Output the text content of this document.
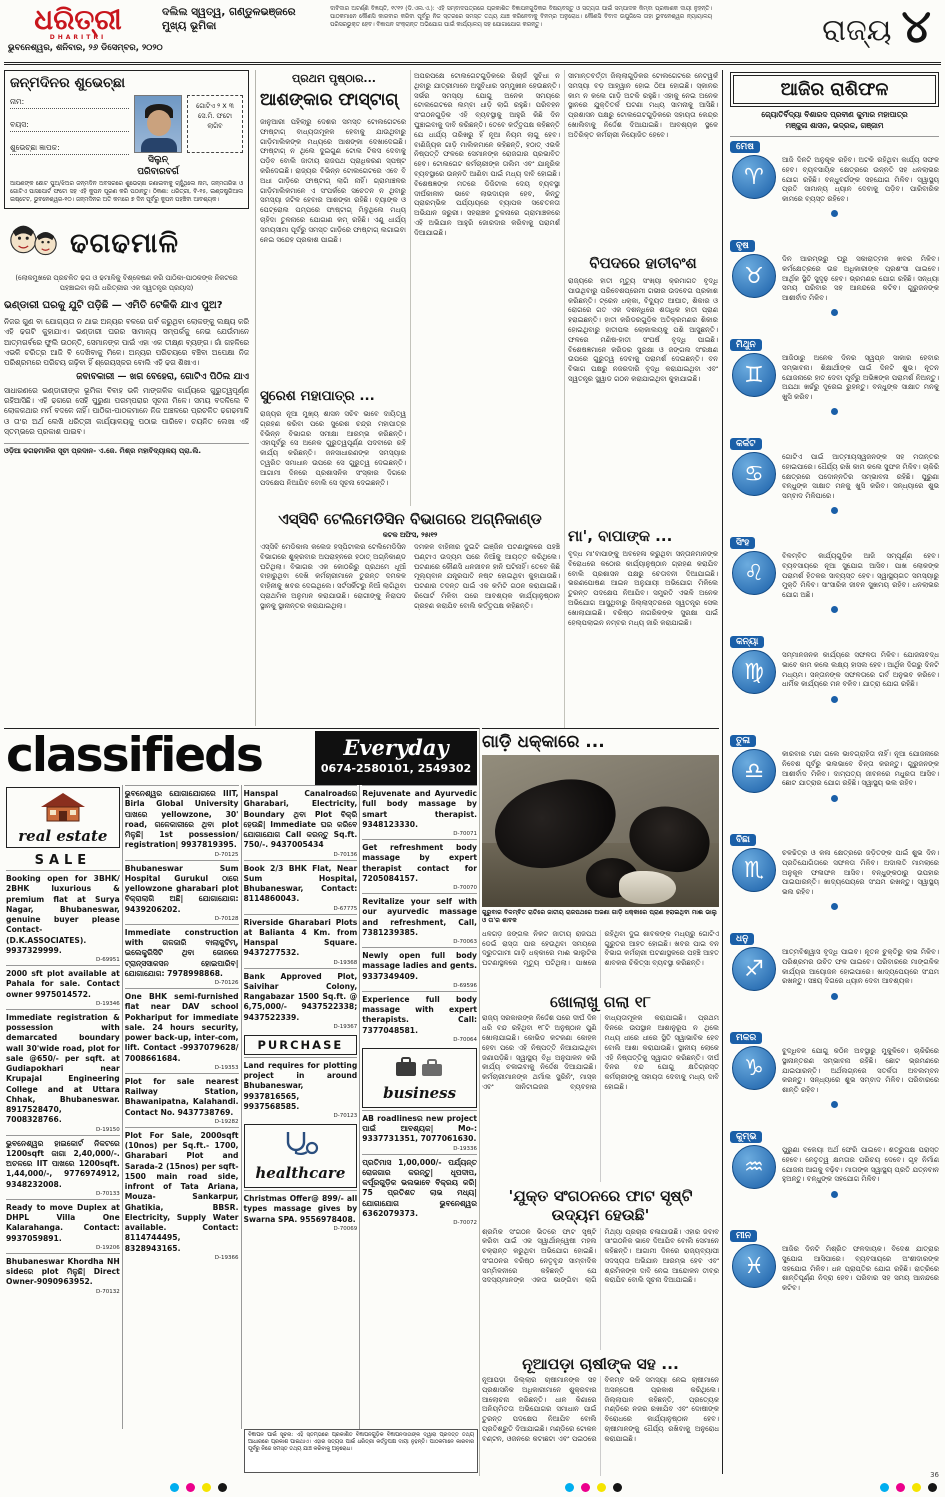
ଧରିତ୍ରୀ
DHARITRI
ଭୁବନେଶ୍ୱର, ଶନିବାର, ୨୬ ଡିସେମ୍ବର, ୨୦୨୦
ଦଲିଲ ସ୍ୱତ୍ୱ, ଗଣ୍ଡୁଳଭଞ୍ଜରେ ମୁଖ୍ୟ ଭୂମିକା
ଦାବିଦାର ଅଟର୍ଣ୍ଣି ବିଜ୍ଞପ୍ତି, ୧୯୧୨ (ଡି.ଏଲ.ଏ.): ଏହି ସମ୍ବାଦପତ୍ରରେ ପ୍ରକାଶିତ ବିଜ୍ଞାପନଗୁଡ଼ିକର ବିଷୟବସ୍ତୁ ଓ ସତ୍ୟତା ପାଇଁ ସମ୍ପାଦକ କିମ୍ବା ପ୍ରକାଶକ ଦାୟୀ ନୁହନ୍ତି। ପାଠକମାନେ କୌଣସି କାରବାର କରିବା ପୂର୍ବରୁ ନିଜ ସ୍ତରରେ ସମସ୍ତ ତଥ୍ୟ ଯାଞ୍ଚ କରିନେବାକୁ ବିନମ୍ର ଅନୁରୋଧ। କୌଣସି ବିବାଦ ଉପୁଜିଲେ ତାହା ଭୁବନେଶ୍ୱର ନ୍ୟାୟାଳୟ ପରିସରଭୁକ୍ତ ହେବ। ବିଜ୍ଞାପନ ସଂକ୍ରାନ୍ତ ଅଭିଯୋଗ ପାଇଁ କାର୍ଯ୍ୟାଳୟ ସହ ଯୋଗାଯୋଗ କରନ୍ତୁ।	ରାଜ୍ୟ ୪
ଜନ୍ମଦିନର ଶୁଭେଚ୍ଛା
ନାମ:
ବୟସ:
ଶୁଭେଚ୍ଛା ଜ୍ଞାପକ:
ସିଲୁନ୍
ପରିବାରବର୍ଗ
ଗୋଟିଏ ୨ X ୩ ସେ.ମି. ଫଟୋ ଲାଗିବ
ଆପଣଙ୍କ ଛୋଟ ପୁଅ/ଝିଅର ଜନ୍ମଦିନ ଅବସରରେ ଶୁଭେଚ୍ଛା ଜଣାଇବାକୁ ଚାହୁଁଥିଲେ ନାମ, ଜନ୍ମତାରିଖ ଓ ଗୋଟିଏ ପାସପୋର୍ଟ ଫଟୋ ସହ ଏହି କୁପନ ପୂରଣ କରି ପଠାନ୍ତୁ। ଠିକଣା: ଧରିତ୍ରୀ, ବି-୧୫, ଇଣ୍ଡଷ୍ଟ୍ରିଆଲ ଇଷ୍ଟେଟ, ଭୁବନେଶ୍ୱର-୧୦। ଜନ୍ମଦିନର ଅତି କମରେ ୭ ଦିନ ପୂର୍ବରୁ କୁପନ ପହଞ୍ଚିବା ଆବଶ୍ୟକ।
ଢଗଢମାଳି
(ଲୋକମୁଖରେ ପ୍ରଚଳିତ ଢଗ ଓ ଢମାଳିକୁ ବିଶ୍ଳେଷଣ କରି ପାଠିକା-ପାଠକଙ୍କ ନିକଟରେ ପହଞ୍ଚାଇବା ଲାଗି ଧରିତ୍ରୀର ଏକ ସ୍ୱତନ୍ତ୍ର ପ୍ରୟାସ)
ଭଣ୍ଡାରୀ ଘରକୁ ଯୁଟି ପଡ଼ିଛି — ଏମିତି ଟେକିକି ଯାଏ ପୁଅ?
ନିଜର ଗୁଣ ବା ଯୋଗ୍ୟତା ନ ଥାଇ ଅନ୍ୟର ବଳରେ ଗର୍ବ କରୁଥିବା ଲୋକଙ୍କୁ ଲକ୍ଷ୍ୟ କରି ଏହି ଢଗଟି କୁହାଯାଏ। ଭଣ୍ଡାରୀ ଘରର ସାମାନ୍ୟ ସମ୍ପର୍କକୁ ନେଇ ଯେଉଁମାନେ ଆତ୍ମଗର୍ବରେ ଫୁଲି ଉଠନ୍ତି, ସେମାନଙ୍କ ପାଇଁ ଏହା ଏକ ତୀକ୍ଷ୍ଣ ବ୍ୟଙ୍ଗ। ଗାଁ ଗହଳିରେ ଏଭଳି ଚରିତ୍ର ଆଜି ବି ଦେଖିବାକୁ ମିଳେ। ଅନ୍ୟର ପରିଚୟରେ ବଞ୍ଚିବା ଅପେକ୍ଷା ନିଜ ପରିଶ୍ରମରେ ପରିଚୟ ଗଢ଼ିବା ହିଁ ଶ୍ରେୟସ୍କର ବୋଲି ଏହି ଢଗ ଶିଖାଏ।
ଜବାବକାରୀ — ଖଗ ବେହେରା, ଗୋଟିଏ ପିଠିଲ ଯାଏ
ସାଧାରଣରେ ଭଣ୍ଡାରୀଙ୍କ ଭୂମିକା ବିବାହ ଭଳି ମାଙ୍ଗଳିକ କାର୍ଯ୍ୟରେ ଗୁରୁତ୍ୱପୂର୍ଣ୍ଣ ରହିଆସିଛି। ଏହି ଢଗରେ ସେହି ପୁରୁଣା ପରମ୍ପରାର ସୂଚନା ମିଳେ। ସମୟ ବଦଳିଲେ ବି ଲୋକକଥାର ମର୍ମ ବଦଳେ ନାହିଁ। ପାଠିକା-ପାଠକମାନେ ନିଜ ଅଞ୍ଚଳରେ ପ୍ରଚଳିତ ଢଗଢମାଳି ଓ ତା'ର ଅର୍ଥ ଲେଖି ଧରିତ୍ରୀ କାର୍ଯ୍ୟାଳୟକୁ ପଠାଇ ପାରିବେ। ଚୟନିତ ଲେଖା ଏହି ସ୍ତମ୍ଭରେ ପ୍ରକାଶ ପାଇବ।
ଓଡ଼ିଆ ଢଗଢମାଳିର ସୂଚୀ ପ୍ରଦାନ- ଏ.ଜେ. ମିଶ୍ର ମହାବିଦ୍ୟାଳୟ ପ୍ରା.ଲି.
ପ୍ରଥମ ପୃଷ୍ଠାର...
ଆଶଙ୍କାର ଫାସ୍ଟାଗ୍
ଜାନୁଆରୀ ପହିଲାରୁ ଦେଶର ସମସ୍ତ ଟୋଲଗେଟରେ ଫାଷ୍ଟାଗ୍ ବାଧ୍ୟତାମୂଳକ ହେବାକୁ ଯାଉଥିବାରୁ ଗାଡ଼ିମାଲିକଙ୍କ ମଧ୍ୟରେ ଆଶଙ୍କା ଦେଖାଦେଇଛି। ଫାଷ୍ଟାଗ୍ ନ ଥିଲେ ଦୁଇଗୁଣ ଟୋଲ ଟିକସ ଦେବାକୁ ପଡ଼ିବ ବୋଲି ଜାତୀୟ ରାଜପଥ ପ୍ରାଧିକରଣ ସ୍ପଷ୍ଟ କରିଦେଇଛି। ରାଜ୍ୟର ବିଭିନ୍ନ ଟୋଲଗେଟରେ ଏବେ ବି ଅଧା ଗାଡ଼ିରେ ଫାଷ୍ଟାଗ୍ ଲାଗି ନାହିଁ। ଗ୍ରାମାଞ୍ଚଳର ଗାଡ଼ିମାଲିକମାନେ ଏ ସଂପର୍କରେ ସଚେତନ ନ ଥିବାରୁ ସମସ୍ୟା ଜଟିଳ ହେବାର ଆଶଙ୍କା ରହିଛି। ବ୍ୟାଙ୍କ ଓ ପେଟ୍ରୋଲ ପମ୍ପରେ ଫାଷ୍ଟାଗ୍ ମିଳୁଥିଲେ ମଧ୍ୟ ଚାହିଦା ତୁଳନାରେ ଯୋଗାଣ କମ୍ ରହିଛି। ଏଣୁ ଧାର୍ଯ୍ୟ ସମୟସୀମା ପୂର୍ବରୁ ସମସ୍ତ ଗାଡ଼ିରେ ଫାଷ୍ଟାଗ୍ ଲଗାଇବା ନେଇ ସନ୍ଦେହ ପ୍ରକାଶ ପାଇଛି।
ଅପରପକ୍ଷେ ଟୋଲଗେଟଗୁଡ଼ିକରେ ରିଚାର୍ଜ ସୁବିଧା ନ ଥିବାରୁ ଯାତ୍ରୀମାନେ ଅସୁବିଧାର ସମ୍ମୁଖୀନ ହେଉଛନ୍ତି। ସର୍ଭର ସମସ୍ୟା ଯୋଗୁ ଅନେକ ସମୟରେ ଟୋଲଗେଟରେ ଲମ୍ବା ଧାଡ଼ି ଲାଗି ରହୁଛି। ପରିବହନ ସଂଗଠନଗୁଡ଼ିକ ଏହି ବ୍ୟବସ୍ଥାକୁ ଆହୁରି କିଛି ଦିନ ଘୁଞ୍ଚାଇବାକୁ ଦାବି କରିଛନ୍ତି। ତେବେ କର୍ତ୍ତୃପକ୍ଷ କହିଛନ୍ତି ଯେ ଧାର୍ଯ୍ୟ ତାରିଖରୁ ହିଁ ନୂଆ ନିୟମ ଲାଗୁ ହେବ। ବାଣିଜ୍ୟିକ ଗାଡ଼ି ମାଲିକମାନେ କହିଛନ୍ତି, ହଠାତ୍ ଏଭଳି ନିଷ୍ପତ୍ତି ଫଳରେ ସେମାନଙ୍କ ରୋଜଗାର ପ୍ରଭାବିତ ହେବ। ଟୋଲଗେଟ କର୍ମଚାରୀଙ୍କ ତାଲିମ ଏବଂ ଯାନ୍ତ୍ରିକ ବ୍ୟବସ୍ଥାରେ ଉନ୍ନତି ଆଣିବା ପାଇଁ ମଧ୍ୟ ଦାବି ହୋଇଛି। ବିଶେଷଜ୍ଞଙ୍କ ମତରେ ଡିଜିଟାଲ ଦେୟ ବ୍ୟବସ୍ଥା ଦୀର୍ଘକାଳୀନ ଭାବେ ଲାଭଦାୟକ ହେବ, କିନ୍ତୁ ପ୍ରାରମ୍ଭିକ ପର୍ଯ୍ୟାୟରେ ବ୍ୟାପକ ସଚେତନତା ଅଭିଯାନ ଜରୁରୀ। ସହରାଞ୍ଚଳ ତୁଳନାରେ ଗ୍ରାମାଞ୍ଚଳରେ ଏହି ଅଭିଯାନ ଆହୁରି ଜୋରଦାର କରିବାକୁ ପରାମର୍ଶ ଦିଆଯାଇଛି।
ସୀମାନ୍ତବର୍ତ୍ତୀ ଜିଲ୍ଲାଗୁଡ଼ିକର ଟୋଲଗେଟରେ ନେଟୱର୍କ ସମସ୍ୟା ବଡ଼ ଆହ୍ୱାନ ହୋଇ ଠିଆ ହୋଇଛି। ସ୍କାନର କାମ ନ କଲେ ଗାଡ଼ି ଅଟକି ରହୁଛି। ଏହାକୁ ନେଇ ଅନେକ ସ୍ଥାନରେ ଯୁକ୍ତିତର୍କ ଘଟଣା ମଧ୍ୟ ସାମନାକୁ ଆସିଛି। ପ୍ରଶାସନ ପକ୍ଷରୁ ଟୋଲଗେଟଗୁଡ଼ିକରେ ସହାୟତା କେନ୍ଦ୍ର ଖୋଲିବାକୁ ନିର୍ଦ୍ଦେଶ ଦିଆଯାଇଛି। ଆବଶ୍ୟକ ସ୍ଥଳେ ଅତିରିକ୍ତ କର୍ମଚାରୀ ନିୟୋଜିତ ହେବେ।
ସୁରେଶ ମହାପାତ୍ର ...
ରାଜ୍ୟର ନୂଆ ମୁଖ୍ୟ ଶାସନ ସଚିବ ଭାବେ ଦାୟିତ୍ୱ ଗ୍ରହଣ କରିବା ପରେ ସୁରେଶ ଚନ୍ଦ୍ର ମହାପାତ୍ର ବିଭିନ୍ନ ବିଭାଗର ସମୀକ୍ଷା ଆରମ୍ଭ କରିଛନ୍ତି। ଏହାପୂର୍ବରୁ ସେ ଅନେକ ଗୁରୁତ୍ୱପୂର୍ଣ୍ଣ ପଦବୀରେ ରହି କାର୍ଯ୍ୟ କରିଛନ୍ତି। ଜନସାଧାରଣଙ୍କ ସମସ୍ୟାର ତ୍ୱରିତ ସମାଧାନ ଉପରେ ସେ ଗୁରୁତ୍ୱ ଦେଇଛନ୍ତି। ଆଗାମୀ ଦିନରେ ପ୍ରଶାସନିକ ସଂସ୍କାର ଦିଗରେ ପଦକ୍ଷେପ ନିଆଯିବ ବୋଲି ସେ ସୂଚନା ଦେଇଛନ୍ତି।
ଏସ୍‌ସିବି ଟେଲିମେଡିସିନ ବିଭାଗରେ ଅଗ୍ନିକାଣ୍ଡ
କଟକ ଅଫିସ, ୨୫ା୧୨
ଏସ୍‌ସିବି ମେଡିକାଲ କଲେଜ ହସ୍ପିଟାଲର ଟେଲିମେଡିସିନ ବିଭାଗରେ ଶୁକ୍ରବାର ଅପରାହ୍ନରେ ହଠାତ୍ ଅଗ୍ନିକାଣ୍ଡ ଘଟିଥିଲା। ବିଭାଗର ଏକ କୋଠରିରୁ ପ୍ରଥମେ ଧୂଆଁ ବାହାରୁଥିବା ଦେଖି କର୍ମଚାରୀମାନେ ତୁରନ୍ତ ଦମକଳ ବାହିନୀକୁ ଖବର ଦେଇଥିଲେ। ସର୍ଟସର୍କିଟରୁ ନିଆଁ ଲାଗିଥିବା ପ୍ରାଥମିକ ଅନୁମାନ କରାଯାଉଛି। ରୋଗୀଙ୍କୁ ନିରାପଦ ସ୍ଥାନକୁ ସ୍ଥାନାନ୍ତର କରାଯାଇଥିଲା।
ଦମକଳ ବାହିନୀର ଦୁଇଟି ଇଞ୍ଜିନ ଘଟଣାସ୍ଥଳରେ ପହଞ୍ଚି ଘଣ୍ଟାଏ ଉଦ୍ୟମ ପରେ ନିଆଁକୁ ଆୟତ୍ତ କରିଥିଲେ। ଘଟଣାରେ କୌଣସି ଧନଜୀବନ ହାନି ଘଟିନାହିଁ। ତେବେ କିଛି ମୂଲ୍ୟବାନ ଯନ୍ତ୍ରପାତି ନଷ୍ଟ ହୋଇଥିବା କୁହାଯାଉଛି। ଘଟଣାର ତଦନ୍ତ ପାଇଁ ଏକ କମିଟି ଗଠନ କରାଯାଇଛି। ରିପୋର୍ଟ ମିଳିବା ପରେ ଆବଶ୍ୟକ କାର୍ଯ୍ୟାନୁଷ୍ଠାନ ଗ୍ରହଣ କରାଯିବ ବୋଲି କର୍ତ୍ତୃପକ୍ଷ କହିଛନ୍ତି।
ବିପଦରେ ହାତୀବଂଶ
ରାଜ୍ୟରେ ହାତୀ ମୃତ୍ୟୁ ସଂଖ୍ୟା କ୍ରମାଗତ ବୃଦ୍ଧି ପାଉଥିବାରୁ ପରିବେଶପ୍ରେମୀ ଗଭୀର ଉଦବେଗ ପ୍ରକାଶ କରିଛନ୍ତି। ଟ୍ରେନ ଧକ୍କା, ବିଦ୍ୟୁତ ଆଘାତ, ଶିକାର ଓ ରୋଗରେ ଗତ ଏକ ଦଶନ୍ଧିରେ ଶତାଧିକ ହାତୀ ପ୍ରାଣ ହରାଇଛନ୍ତି। ହାତୀ କରିଡରଗୁଡ଼ିକ ଅତିକ୍ରମଣର ଶିକାର ହୋଇଥିବାରୁ ହାତୀପଲ ଲୋକାଲୟକୁ ପଶି ଆସୁଛନ୍ତି। ଫଳରେ ମଣିଷ-ହାତୀ ସଂଘର୍ଷ ବୃଦ୍ଧି ପାଇଛି। ବିଶେଷଜ୍ଞମାନେ କରିଡର ସୁରକ୍ଷା ଓ ଜଙ୍ଗଲ ସଂରକ୍ଷଣ ଉପରେ ଗୁରୁତ୍ୱ ଦେବାକୁ ପରାମର୍ଶ ଦେଇଛନ୍ତି। ବନ ବିଭାଗ ପକ୍ଷରୁ ନଜରଦାରି ବୃଦ୍ଧି କରାଯାଇଥିବା ଏବଂ ସ୍ୱତନ୍ତ୍ର ସ୍କ୍ୱାଡ ଗଠନ କରାଯାଇଥିବା କୁହାଯାଇଛି।
ମା', ବାପାଙ୍କ ...
ବୃଦ୍ଧ ମା'ବାପାଙ୍କୁ ଅବହେଳା କରୁଥିବା ସନ୍ତାନମାନଙ୍କ ବିରୋଧରେ କଠୋର କାର୍ଯ୍ୟାନୁଷ୍ଠାନ ଗ୍ରହଣ କରାଯିବ ବୋଲି ପ୍ରଶାସନ ପକ୍ଷରୁ ଚେତାବନୀ ଦିଆଯାଇଛି। ଭରଣପୋଷଣ ଆଇନ ଅନୁଯାୟୀ ଅଭିଯୋଗ ମିଳିଲେ ତୁରନ୍ତ ପଦକ୍ଷେପ ନିଆଯିବ। ସମ୍ପ୍ରତି ଏଭଳି ଅନେକ ଅଭିଯୋଗ ଆସୁଥିବାରୁ ଜିଲ୍ଲାସ୍ତରରେ ସ୍ୱତନ୍ତ୍ର ସେଲ ଖୋଲାଯାଇଛି। ବରିଷ୍ଠ ନାଗରିକଙ୍କ ସୁରକ୍ଷା ପାଇଁ ହେଲ୍ପଲାଇନ ନମ୍ବର ମଧ୍ୟ ଜାରି କରାଯାଇଛି।
ଆଜିର ରାଶିଫଳ
ଜ୍ୟୋତିର୍ବିଦ୍ୟା ବିଶାରଦ ପ୍ରବୀଣ କୁମାର ମହାପାତ୍ର
ମଞ୍ଜୁଳା ଶାସନ, ଭଦ୍ରକ, ଗଞ୍ଜାମ
ମେଷ
♈

ଆଜି ଦିନଟି ଅନୁକୂଳ ରହିବ। ଅଟକି ରହିଥିବା କାର୍ଯ୍ୟ ସଫଳ ହେବ। ବ୍ୟବସାୟିକ କ୍ଷେତ୍ରରେ ଉନ୍ନତି ସହ ଧନଲାଭର ଯୋଗ ରହିଛି। ବନ୍ଧୁବର୍ଗଙ୍କ ସହଯୋଗ ମିଳିବ। ସ୍ୱାସ୍ଥ୍ୟ ପ୍ରତି ସାମାନ୍ୟ ଧ୍ୟାନ ଦେବାକୁ ପଡ଼ିବ। ପାରିବାରିକ କାମରେ ବ୍ୟସ୍ତ ରହିବେ।

ବୃଷ
♉

ଦିନ ଆରମ୍ଭରୁ ଘରୁ ସକାରାତ୍ମକ ଖବର ମିଳିବ। କର୍ମକ୍ଷେତ୍ରରେ ଉଚ୍ଚ ଅଧିକାରୀଙ୍କ ପ୍ରଶଂସା ପାଇବେ। ଆର୍ଥିକ ସ୍ଥିତି ସୁଦୃଢ଼ ହେବ। ଭ୍ରମଣର ଯୋଗ ରହିଛି। ସନ୍ଧ୍ୟା ସମୟ ପରିବାର ସହ ଆନନ୍ଦରେ କଟିବ। ଗୁରୁଜନଙ୍କ ଆଶୀର୍ବାଦ ମିଳିବ।

ମିଥୁନ
♊

ଆଜିଠାରୁ ଅନେକ ଦିନର ସ୍ୱପ୍ନ ସାକାର ହେବାର ସମ୍ଭାବନା। ଶିକ୍ଷାର୍ଥୀଙ୍କ ପାଇଁ ଦିନଟି ଶୁଭ। ନୂତନ ଯୋଜନାରେ ହାତ ଦେବା ପୂର୍ବରୁ ଅଭିଜ୍ଞଙ୍କ ପରାମର୍ଶ ନିଅନ୍ତୁ। ଅଯଥା ଖର୍ଚ୍ଚରୁ ଦୂରେଇ ରୁହନ୍ତୁ। ବନ୍ଧୁଙ୍କ ସାକ୍ଷାତ ମନକୁ ଖୁସି କରିବ।

କର୍କଟ
♋

ଗୋଟିଏ ପାଇଁ ଆତ୍ମୀୟସ୍ୱଜନଙ୍କ ସହ ମତାନ୍ତର ହୋଇପାରେ। ଧୈର୍ଯ୍ୟ ରଖି କାମ କଲେ ସୁଫଳ ମିଳିବ। ଚାକିରି କ୍ଷେତ୍ରରେ ପଦୋନ୍ନତିର ସମ୍ଭାବନା ରହିଛି। ପୁରୁଣା ବନ୍ଧୁଙ୍କ ସାକ୍ଷାତ ମନକୁ ଖୁସି କରିବ। ସନ୍ଧ୍ୟାରେ ଶୁଭ ସମ୍ବାଦ ମିଳିପାରେ।

ସିଂହ
♌

ବିଳମ୍ବିତ କାର୍ଯ୍ୟଗୁଡ଼ିକ ଆଜି ସମ୍ପୂର୍ଣ୍ଣ ହେବ। ବ୍ୟବସାୟରେ ନୂଆ ସୁଯୋଗ ଆସିବ। ପାଖ ଲୋକଙ୍କ ପରାମର୍ଶ ହିତକର ସାବ୍ୟସ୍ତ ହେବ। ସ୍ୱାସ୍ଥ୍ୟଗତ ସମସ୍ୟାରୁ ମୁକ୍ତି ମିଳିବ। ସାଂସାରିକ ଜୀବନ ସୁଖମୟ ରହିବ। ଧନଲାଭର ଯୋଗ ଅଛି।

କନ୍ୟା
♍

ସମ୍ମାନଜନକ କାର୍ଯ୍ୟରେ ସଫଳତା ମିଳିବ। ଯୋଜନାବଦ୍ଧ ଭାବେ କାମ କଲେ ଲକ୍ଷ୍ୟ ହାସଲ ହେବ। ଆର୍ଥିକ ଦିଗରୁ ଦିନଟି ମଧ୍ୟମ। ସନ୍ତାନଙ୍କ ସଫଳତାରେ ଗର୍ବ ଅନୁଭବ କରିବେ। ଧାର୍ମିକ କାର୍ଯ୍ୟରେ ମନ ବଳିବ। ଯାତ୍ରା ଯୋଗ ରହିଛି।

ତୁଳା
♎

କାରବାର ମନ୍ଦା ଗଲେ ଭାବଗ୍ରାହିତା ନାହିଁ। ନୂଆ ଯୋଜନାରେ ନିବେଶ ପୂର୍ବରୁ ଭଲଭାବେ ଚିନ୍ତା କରନ୍ତୁ। ଗୁରୁଜନଙ୍କ ଆଶୀର୍ବାଦ ମିଳିବ। ଦାମ୍ପତ୍ୟ ଜୀବନରେ ମଧୁରତା ଆସିବ। ଛୋଟ ଯାତ୍ରାର ଯୋଗ ରହିଛି। ସ୍ୱାସ୍ଥ୍ୟ ଭଲ ରହିବ।

ବିଛା
♏

ଚଳଚ୍ଚିତ୍ର ଓ କଳା କ୍ଷେତ୍ରରେ ଜଡ଼ିତଙ୍କ ପାଇଁ ଶୁଭ ଦିନ। ପ୍ରତିଯୋଗିତାରେ ସଫଳତା ମିଳିବ। ଅଦାଲତି ମାମଲାରେ ଅନୁକୂଳ ଫଳାଫଳ ଆସିବ। ବନ୍ଧୁଙ୍କଠାରୁ ଉପହାର ପାଇପାରନ୍ତି। ଖାଦ୍ୟପେୟରେ ସଂଯମ ରଖନ୍ତୁ। ସ୍ୱାସ୍ଥ୍ୟ ଭଲ ରହିବ।

ଧନୁ
♐

ଆତ୍ମବିଶ୍ୱାସ ବୃଦ୍ଧି ପାଇବ। ନୂତନ ଚୁକ୍ତିରୁ ଲାଭ ମିଳିବ। ପରିଶ୍ରମର ଉଚିତ ଫଳ ପାଇବେ। ପରିବାରରେ ମାଙ୍ଗଳିକ କାର୍ଯ୍ୟର ଆୟୋଜନ ହୋଇପାରେ। ଖାଦ୍ୟପେୟରେ ସଂଯମ ରଖନ୍ତୁ। ସଞ୍ଚୟ ଦିଗରେ ଧ୍ୟାନ ଦେବା ଆବଶ୍ୟକ।

ମକର
♑

ବୁଦ୍ଧିବଳ ଯୋଗୁ କଠିନ ଅବସ୍ଥାରୁ ମୁକୁଳିବେ। ଚାକିରିରେ ସ୍ଥାନାନ୍ତରଣ ସମ୍ଭାବନା ରହିଛି। ଛୋଟ ଭ୍ରମଣରେ ଯାଇପାରନ୍ତି। ଅର୍ଥଲଗ୍ନରେ ସତର୍କତା ଅବଲମ୍ବନ କରନ୍ତୁ। ସନ୍ଧ୍ୟାରେ ଶୁଭ ସମ୍ବାଦ ମିଳିବ। ପରିବାରରେ ଶାନ୍ତି ରହିବ।

କୁମ୍ଭ
♒

ପୁରୁଣା ବକେୟା ଅର୍ଥ ଫେରି ପାଇବେ। ଶତ୍ରୁପକ୍ଷ ପରାସ୍ତ ହେବେ। ନେତୃତ୍ୱ କ୍ଷମତାର ପରିଚୟ ଦେବେ। ଗୃହ ନିର୍ମାଣ ଯୋଜନା ଆଗକୁ ବଢ଼ିବ। ମାତାଙ୍କ ସ୍ୱାସ୍ଥ୍ୟ ପ୍ରତି ଯତ୍ନବାନ ହୁଅନ୍ତୁ। ବନ୍ଧୁଙ୍କ ସହଯୋଗ ମିଳିବ।

ମୀନ
♓

ଆଜିର ଦିନଟି ମିଶ୍ରିତ ଫଳଦାୟକ। ବିଦେଶ ଯାତ୍ରାର ସୁଯୋଗ ଆସିପାରେ। ବ୍ୟବସାୟରେ ଅଂଶୀଦାରଙ୍କ ସହଯୋଗ ମିଳିବ। ଧନ ପ୍ରାପ୍ତିର ଯୋଗ ରହିଛି। ରାତ୍ରିରେ ଶାନ୍ତିପୂର୍ଣ୍ଣ ନିଦ୍ରା ହେବ। ପରିବାର ସହ ସମୟ ଆନନ୍ଦରେ କଟିବ।

classifieds	Everyday
0674-2580101, 2549302
real estate
SALE

Booking open for 3BHK/ 2BHK luxurious & premium flat at Surya Nagar, Bhubaneswar, genuine buyer please Contact- (D.K.ASSOCIATES). 9937329999.

D-69951

2000 sft plot available at Pahala for sale. Contact owner 9975014572.

D-19346

Immediate registration & possession with demarcated boundary wall 30'wide road, plot for sale @650/- per sqft. at Gudiapokhari near Krupajal Engineering College and at Uttara Chhak, Bhubaneswar. 8917528470, 7008328766.

D-19150

ଭୁବନେଶ୍ୱର ହାଇକୋର୍ଟ ନିକଟରେ 1200sqft ଜାଗା 2,40,000/-. ଅଚଳରେ IIT ପାଖରେ 1200sqft. 1,44,000/-, 9776974912, 9348232008.

D-70133

Ready to move Duplex at DHPL Villa One Kalarahanga. Contact: 9937059891.

D-19206

Bhubaneswar Khordha NH sideରେ plot ମିଳୁଛି| Direct Owner-9090963952.

D-70132

ଭୁବନେଶ୍ୱର ଯୋଗାଯୋଗରେ IIIT, Birla Global University ପାଖରେ yellowzone, 30' road, ଗଳେକାରୀରେ ଥିବା plot ମିଳୁଛି| 1st possession/ registration| 9937819395.

D-70125

Bhubaneswar Sum Hospital Gurukul ଠାରେ yellowzone gharabari plot ବିକ୍ରାଲାଗି ଅଛି| ଯୋଗାଯୋଗ: 9439206202.

D-70128

Immediate construction with ଗଳଜାରି ବାଲାକୁଟିମ୍, ଇଲେକ୍ଟ୍ରିସିଟି ଥିବା ଜୋନରେ ଟ୍ରାନ୍ସସାକସନ ହୋଇପାରିବ| ଯୋଗାଯୋଗ: 7978998868.

D-70126

One BHK semi-furnished flat near DAV school Pokhariput for immediate sale. 24 hours security, power back-up, inter-com, lift. Contact -9937079628/ 7008661684.

D-19353

Plot for sale nearest Railway Station, Bhawanipatna, Kalahandi. Contact No. 9437738769.

D-19282

Plot For Sale, 2000sqft (10nos) per Sq.ft.- 1700, Gharabari Plot and Sarada-2 (15nos) per sqft-1500 main road side, infront of Tata Ariana, Mouza- Sankarpur, Ghatikia, BBSR. Electricity, Supply Water available. Contact: 8114744495, 8328943165.

D-19366

Hanspal Canalroadରେ Gharabari, Electricity, Boundary ଥିବା Plot ବିକ୍ରି ହେଉଛି| Immediate ଘର କରିବେ ଯୋଗାଯୋଗ Call କରନ୍ତୁ Sq.ft. 750/-. 9437005434

D-70136

Book 2/3 BHK Flat, Near Sum Hospital, Bhubaneswar, Contact: 8114860043.

D-67775

Riverside Gharabari Plots at Balianta 4 Km. from Hanspal Square. 9437277532.

D-19368

Bank Approved Plot, Saivihar Colony, Rangabazar 1500 Sq.ft. @ 6,75,000/- 9437522338; 9437522339.

D-19367
PURCHASE

Land requires for plotting project in around Bhubaneswar, 9937816565, 9937568585.

D-70123
healthcare

Christmas Offer@ 899/- all types massage gives by Swarna SPA. 9556978408.

D-70069

Rejuvenate and Ayurvedic full body massage by smart therapist. 9348123330.

D-70071

Get refreshment body massage by expert therapist contact for 7205084157.

D-70070

Revitalize your self with our ayurvedic massage and refreshment, Call, 7381239385.

D-70063

Newly open full body massage ladies and gents. 9337349409.

D-69596

Experience full body massage with expert therapists. Call: 7377048581.

D-70064
business

AB roadlinesର new project ପାଇଁ ଆବଶ୍ୟକ| Mo-: 9337731351, 7077061630.

D-19336

ପ୍ରତିମାସ 1,00,000/- ପର୍ଯ୍ୟନ୍ତ ରୋଜଗାର କରନ୍ତୁ| ଧୂପଦୀପ, କର୍ପୂରଗୁଡ଼ିକ ଭଲଭାବେ ବିକ୍ରୟ କରି| 75 ପ୍ରତିଶତ ଲାଭ ମଧ୍ୟ| ଯୋଗାଯୋଗ ଭୁବନେଶ୍ୱର 6362079373.

D-70072
ବିଜ୍ଞାପନ ପାଇଁ ସୂଚନା: ଏହି ସ୍ତମ୍ଭରେ ପ୍ରକାଶିତ ବିଜ୍ଞାପନଗୁଡ଼ିକ ବିଜ୍ଞାପନଦାତାଙ୍କ ଦ୍ୱାରା ପ୍ରଦତ୍ତ ତଥ୍ୟ ଆଧାରରେ ପ୍ରକାଶ ପାଇଥାଏ। ଏହାର ସତ୍ୟତା ପାଇଁ ଧରିତ୍ରୀ କର୍ତ୍ତୃପକ୍ଷ ଦାୟୀ ନୁହନ୍ତି। ପାଠକମାନେ କାରବାର ପୂର୍ବରୁ ନିଜେ ସମସ୍ତ ତଥ୍ୟ ଯାଞ୍ଚ କରିବାକୁ ଅନୁରୋଧ।
ଗାଡ଼ି ଧକ୍କାରେ ...
ଗୁରୁବାର ବିଳମ୍ବିତ ରାତିରେ ଜାତୀୟ ରାଜପଥରେ ଅଜଣା ଗାଡ଼ି ଧକ୍କାରେ ପ୍ରାଣ ହରାଇଥିବା ମାଈ ଭାଲୁ ଓ ତା'ର ଶାବକ
ଧଳଗଡ଼ ଜଙ୍ଗଲ ନିକଟ ଜାତୀୟ ରାଜପଥ ଡେଇଁ ରାସ୍ତା ପାର ହେଉଥିବା ସମୟରେ ଦ୍ରୁତଗାମୀ ଗାଡ଼ି ଧକ୍କାରେ ମାଈ ଭାଲୁଟିର ଘଟଣାସ୍ଥଳରେ ମୃତ୍ୟୁ ଘଟିଥିଲା। ପାଖରେ ରହିଥିବା ଦୁଇ ଶାବକଙ୍କ ମଧ୍ୟରୁ ଗୋଟିଏ ଗୁରୁତର ଆହତ ହୋଇଛି। ଖବର ପାଇ ବନ ବିଭାଗ କର୍ମଚାରୀ ଘଟଣାସ୍ଥଳରେ ପହଞ୍ଚି ଆହତ ଶାବକର ଚିକିତ୍ସା ବ୍ୟବସ୍ଥା କରିଛନ୍ତି।
ଖୋଲାଖୁ ଗଲା ୧୮
ରାଜ୍ୟ ସରକାରଙ୍କ ନିର୍ଦ୍ଦେଶ ପରେ ଦୀର୍ଘ ଦିନ ଧରି ବନ୍ଦ ରହିଥିବା ୧୮ଟି ଅନୁଷ୍ଠାନ ପୁଣି ଖୋଲାଯାଇଛି। କୋଭିଡ କଟକଣା କୋହଳ ହେବା ପରେ ଏହି ନିଷ୍ପତ୍ତି ନିଆଯାଇଥିବା ଜଣାପଡ଼ିଛି। ସ୍ୱାସ୍ଥ୍ୟ ବିଧି ଅନୁପାଳନ କରି କାର୍ଯ୍ୟ ଚଳାଇବାକୁ ନିର୍ଦ୍ଦେଶ ଦିଆଯାଇଛି। କର୍ମଚାରୀମାନଙ୍କ ଥର୍ମାଲ ସ୍କ୍ରିନିଂ, ମାସ୍କ ଏବଂ ସାନିଟାଇଜର ବ୍ୟବହାର ବାଧ୍ୟତାମୂଳକ କରାଯାଇଛି। ପ୍ରଥମ ଦିନରେ ଉପସ୍ଥାନ ଆଶାନୁରୂପ ନ ଥିଲେ ମଧ୍ୟ ଧୀରେ ଧୀରେ ସ୍ଥିତି ସ୍ୱାଭାବିକ ହେବ ବୋଲି ଆଶା କରାଯାଉଛି। ସ୍ଥାନୀୟ ଲୋକେ ଏହି ନିଷ୍ପତ୍ତିକୁ ସ୍ୱାଗତ କରିଛନ୍ତି। ଦୀର୍ଘ ଦିନର ବନ୍ଦ ଯୋଗୁ କ୍ଷତିଗ୍ରସ୍ତ କର୍ମଚାରୀଙ୍କୁ ସହାୟତା ଦେବାକୁ ମଧ୍ୟ ଦାବି ହୋଇଛି।
'ଯୁକ୍ତ ସଂଗଠନରେ ଫାଟ ସୃଷ୍ଟି ଉଦ୍ୟମ ହେଉଛି'
ଶ୍ରମିକ ସଂଗଠନ ଭିତରେ ଫାଟ ସୃଷ୍ଟି କରିବା ପାଇଁ ଏକ ସ୍ୱାର୍ଥାନ୍ୱେଷୀ ମହଲ ଚକ୍ରାନ୍ତ କରୁଥିବା ଅଭିଯୋଗ ହୋଇଛି। ସଂଗଠନର ବରିଷ୍ଠ ନେତୃବୃନ୍ଦ ସାମ୍ବାଦିକ ସମ୍ମିଳନୀରେ କହିଛନ୍ତି ଯେ ସଦସ୍ୟମାନଙ୍କ ଏକତା ଭାଙ୍ଗିବା ଲାଗି ମିଥ୍ୟା ପ୍ରଚାର ଚଳାଯାଉଛି। ଏହାର ଜବାବ ସାଂଗଠନିକ ଭାବେ ଦିଆଯିବ ବୋଲି ସେମାନେ କହିଛନ୍ତି। ଆଗାମୀ ଦିନରେ ରାଜ୍ୟବ୍ୟାପୀ ସଦସ୍ୟତା ଅଭିଯାନ ଆରମ୍ଭ ହେବ ଏବଂ ଶ୍ରମିକଙ୍କ ଦାବି ନେଇ ଆନ୍ଦୋଳନ ତୀବ୍ର କରାଯିବ ବୋଲି ସୂଚନା ଦିଆଯାଇଛି।
ନୂଆପଡ଼ା ଚାଷୀଙ୍କ ସହ ...
ନୂଆପଡ଼ା ଜିଲ୍ଲାର ଚାଷୀମାନଙ୍କ ସହ ପ୍ରଶାସନିକ ଅଧିକାରୀମାନେ ଶୁକ୍ରବାର ଆଲୋଚନା କରିଛନ୍ତି। ଧାନ କିଣାରେ ଅନିୟମିତତା ଅଭିଯୋଗର ସମାଧାନ ପାଇଁ ତୁରନ୍ତ ପଦକ୍ଷେପ ନିଆଯିବ ବୋଲି ପ୍ରତିଶ୍ରୁତି ଦିଆଯାଇଛି। ମଣ୍ଡିରେ ଟୋକନ ବଣ୍ଟନ, ଓଜନରେ କଟାଛଟା ଏବଂ ପଇଠରେ ବିଳମ୍ବ ଭଳି ସମସ୍ୟା ନେଇ ଚାଷୀମାନେ ଅସନ୍ତୋଷ ପ୍ରକାଶ କରିଥିଲେ। ଜିଲ୍ଲାପାଳ କହିଛନ୍ତି, ପ୍ରତ୍ୟେକ ମଣ୍ଡିରେ ନଜର ରଖାଯିବ ଏବଂ ଦୋଷୀଙ୍କ ବିରୋଧରେ କାର୍ଯ୍ୟାନୁଷ୍ଠାନ ହେବ। ଚାଷୀମାନଙ୍କୁ ଧୈର୍ଯ୍ୟ ରଖିବାକୁ ଅନୁରୋଧ କରାଯାଇଛି।
36
